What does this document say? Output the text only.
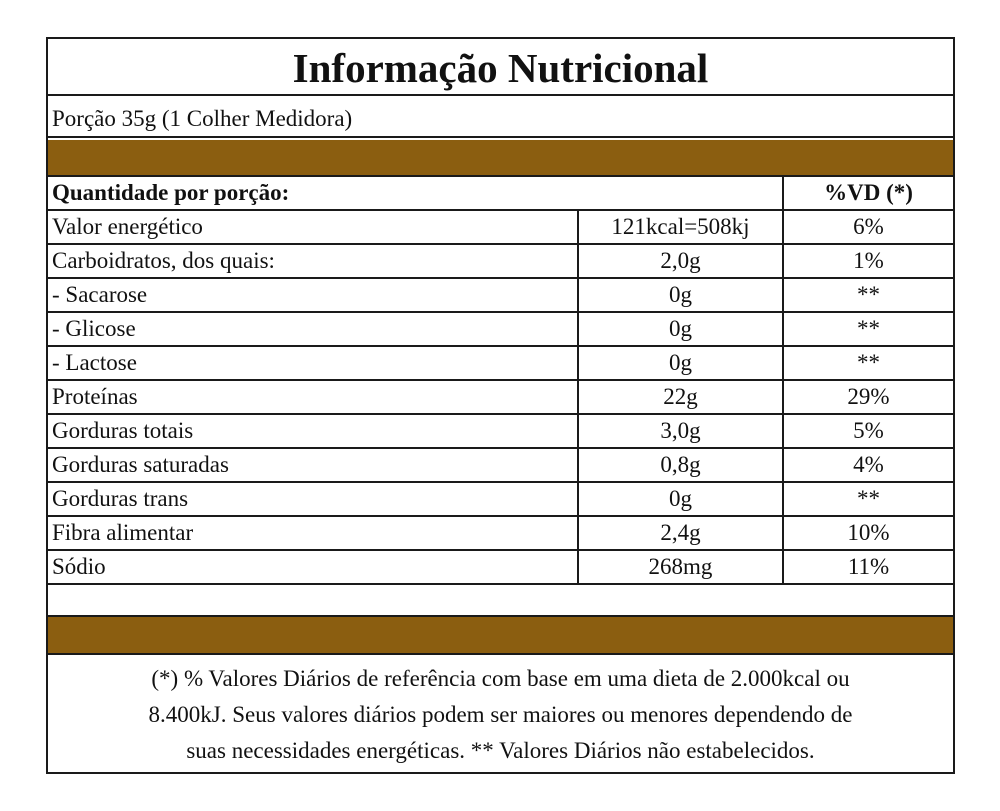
Informação Nutricional
Porção 35g (1 Colher Medidora)
Quantidade por porção:		%VD (*)
Valor energético	121kcal=508kj	6%
Carboidratos, dos quais:	2,0g	1%
- Sacarose	0g	**
- Glicose	0g	**
- Lactose	0g	**
Proteínas	22g	29%
Gorduras totais	3,0g	5%
Gorduras saturadas	0,8g	4%
Gorduras trans	0g	**
Fibra alimentar	2,4g	10%
Sódio	268mg	11%
(*) % Valores Diários de referência com base em uma dieta de 2.000kcal ou
8.400kJ. Seus valores diários podem ser maiores ou menores dependendo de
suas necessidades energéticas. ** Valores Diários não estabelecidos.
